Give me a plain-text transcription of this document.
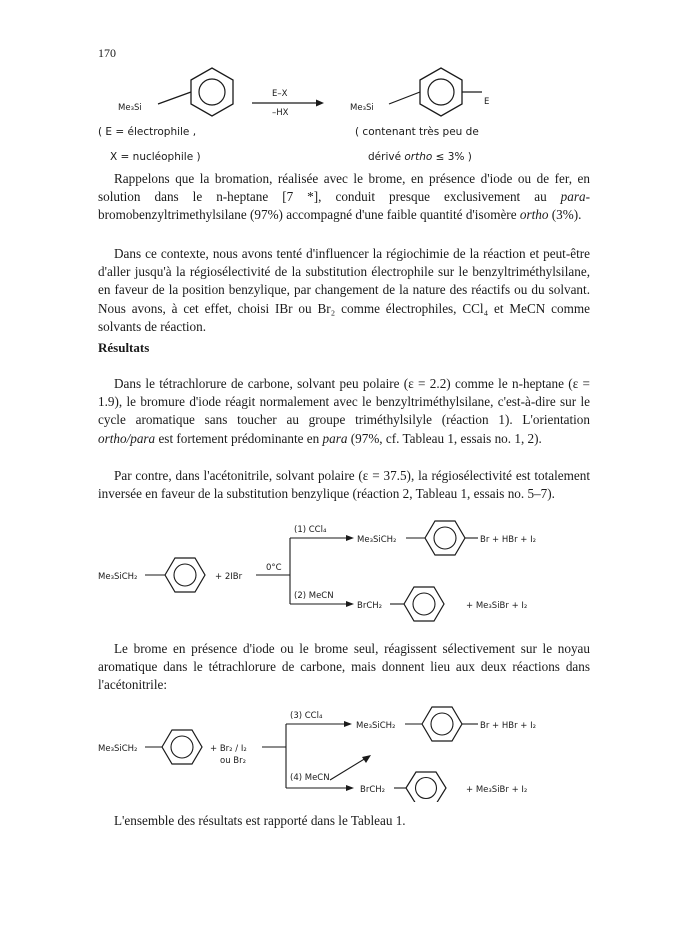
170
Me₃Si
E–X
–HX	Me₃Si
E
( E = électrophile ,	( contenant très peu de
X = nucléophile )	dérivé ortho ≤ 3% )

Rappelons que la bromation, réalisée avec le brome, en présence d'iode ou de fer, en solution dans le n-heptane [7 *], conduit presque exclusivement au para-bromobenzyltrimethylsilane (97%) accompagné d'une faible quantité d'isomère ortho (3%).

Dans ce contexte, nous avons tenté d'influencer la régiochimie de la réaction et peut-être d'aller jusqu'à la régiosélectivité de la substitution électrophile sur le benzyltriméthylsilane, en faveur de la position benzylique, par changement de la nature des réactifs ou du solvant. Nous avons, à cet effet, choisi IBr ou Br₂ comme électrophiles, CCl₄ et MeCN comme solvants de réaction.

Résultats

Dans le tétrachlorure de carbone, solvant peu polaire (ε = 2.2) comme le n-heptane (ε = 1.9), le bromure d'iode réagit normalement avec le benzyltriméthylsilane, c'est-à-dire sur le cycle aromatique sans toucher au groupe triméthylsilyle (réaction 1). L'orientation ortho/para est fortement prédominante en para (97%, cf. Tableau 1, essais no. 1, 2).

Par contre, dans l'acétonitrile, solvant polaire (ε = 37.5), la régiosélectivité est totalement inversée en faveur de la substitution benzylique (réaction 2, Tableau 1, essais no. 5–7).

Me₃SiCH₂	+ 2IBr
0°C
(1) CCl₄
Me₃SiCH₂	Br + HBr + I₂
(2) MeCN
BrCH₂	+ Me₃SiBr + I₂

Le brome en présence d'iode ou le brome seul, réagissent sélectivement sur le noyau aromatique dans le tétrachlorure de carbone, mais donnent lieu aux deux réactions dans l'acétonitrile:

Me₃SiCH₂	+ Br₂ / I₂
ou Br₂
(3) CCl₄
Me₃SiCH₂	Br + HBr + I₂
(4) MeCN
BrCH₂	+ Me₃SiBr + I₂

L'ensemble des résultats est rapporté dans le Tableau 1.
